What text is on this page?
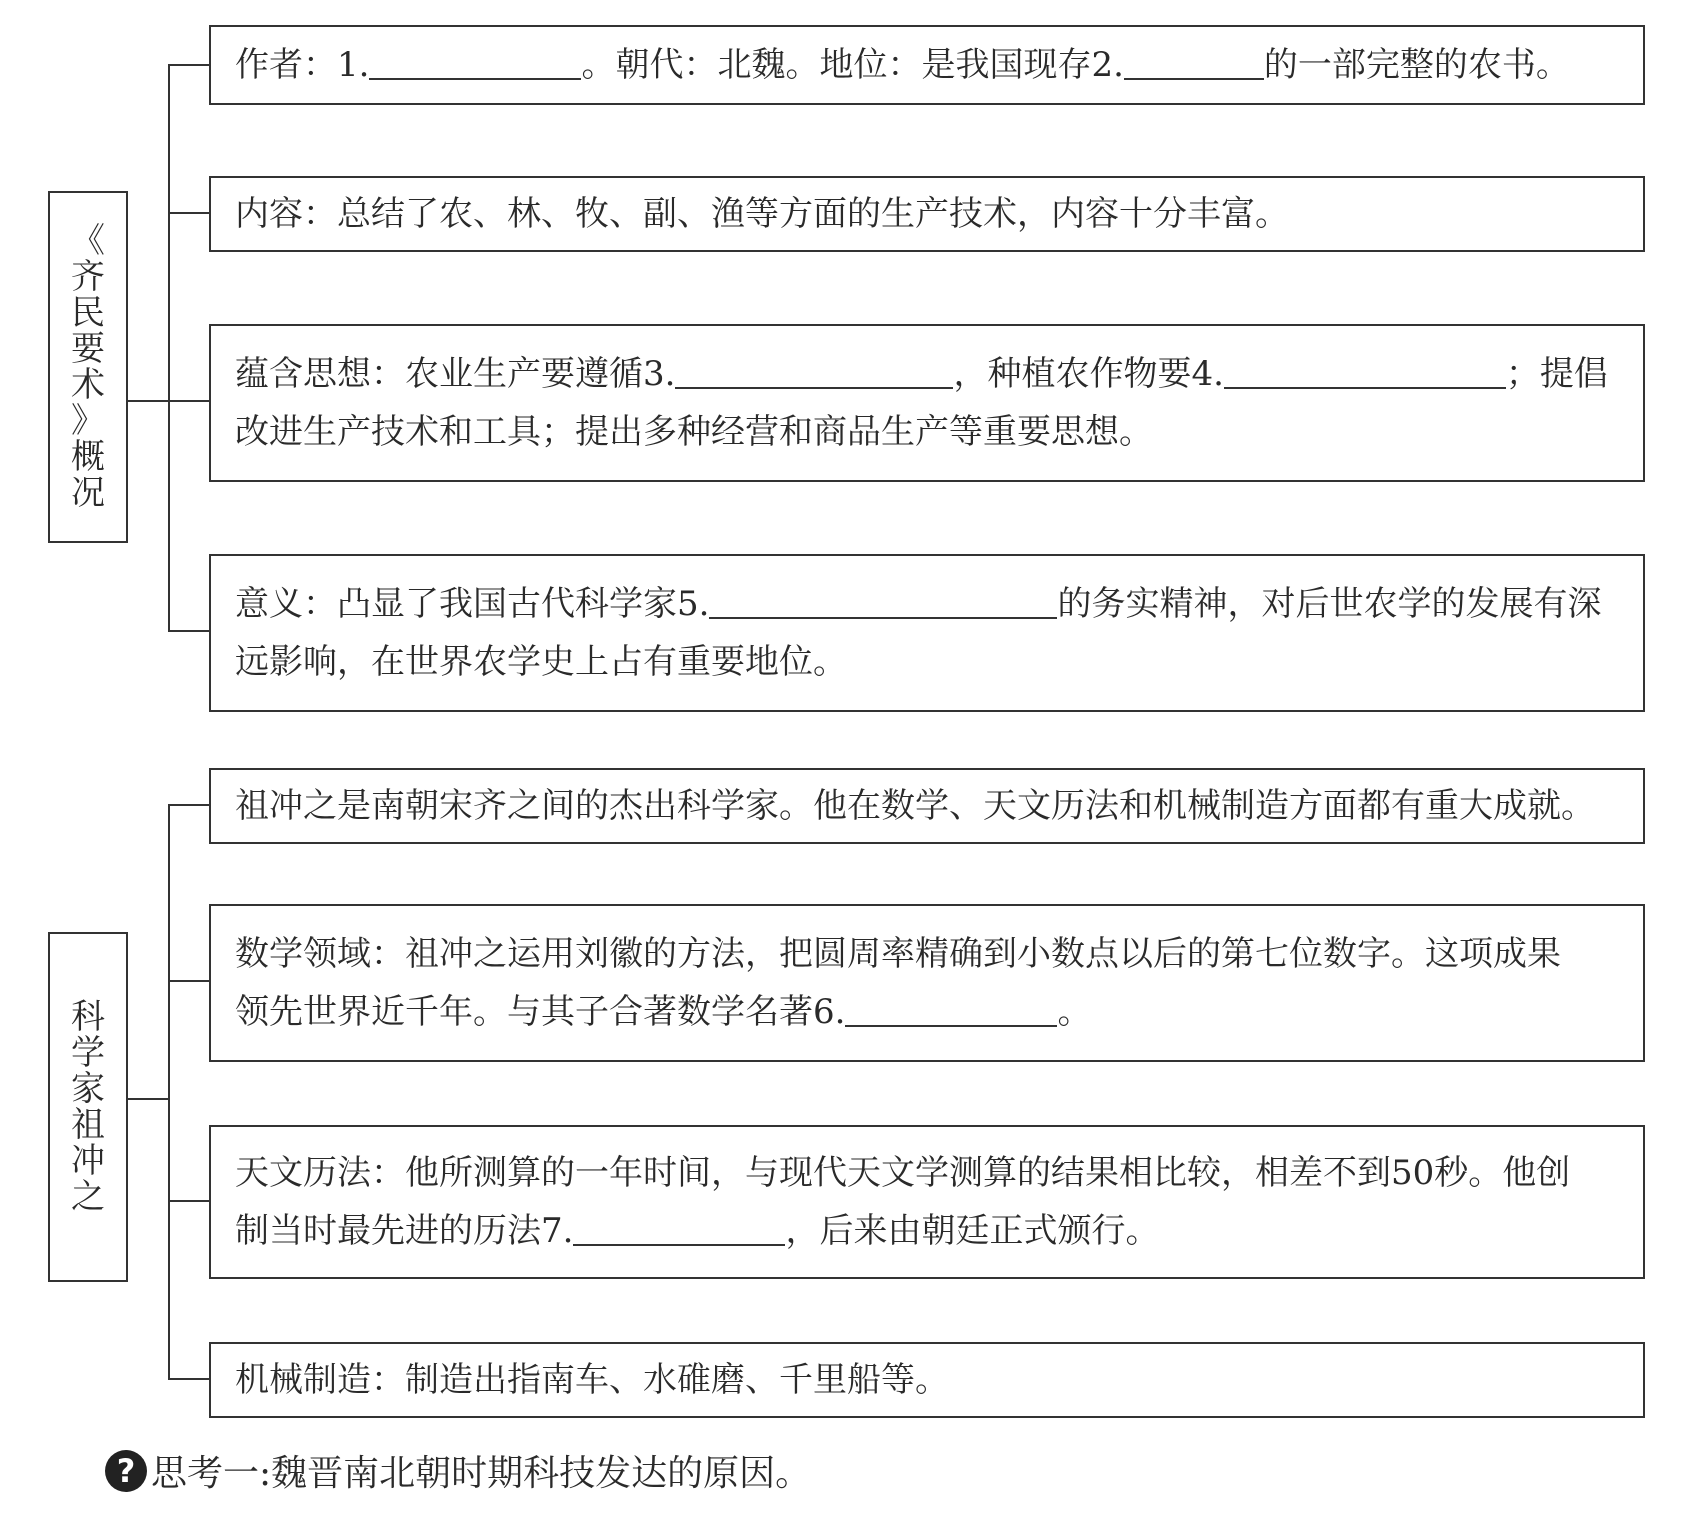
《
齐
民
要
术
》
概
况
作者：1.	。朝代：北魏。地位：是我国现存2.	的一部完整的农书。
内容：总结了农、林、牧、副、渔等方面的生产技术，内容十分丰富。
蕴含思想：农业生产要遵循3.	，种植农作物要4.	；提倡
改进生产技术和工具；提出多种经营和商品生产等重要思想。
意义：凸显了我国古代科学家5.	的务实精神，对后世农学的发展有深
远影响，在世界农学史上占有重要地位。
科
学
家
祖
冲
之
祖冲之是南朝宋齐之间的杰出科学家。他在数学、天文历法和机械制造方面都有重大成就。
数学领域：祖冲之运用刘徽的方法，把圆周率精确到小数点以后的第七位数字。这项成果
领先世界近千年。与其子合著数学名著6.	。
天文历法：他所测算的一年时间，与现代天文学测算的结果相比较，相差不到50秒。他创
制当时最先进的历法7.	，后来由朝廷正式颁行。
机械制造：制造出指南车、水碓磨、千里船等。
? 思考一:魏晋南北朝时期科技发达的原因。
